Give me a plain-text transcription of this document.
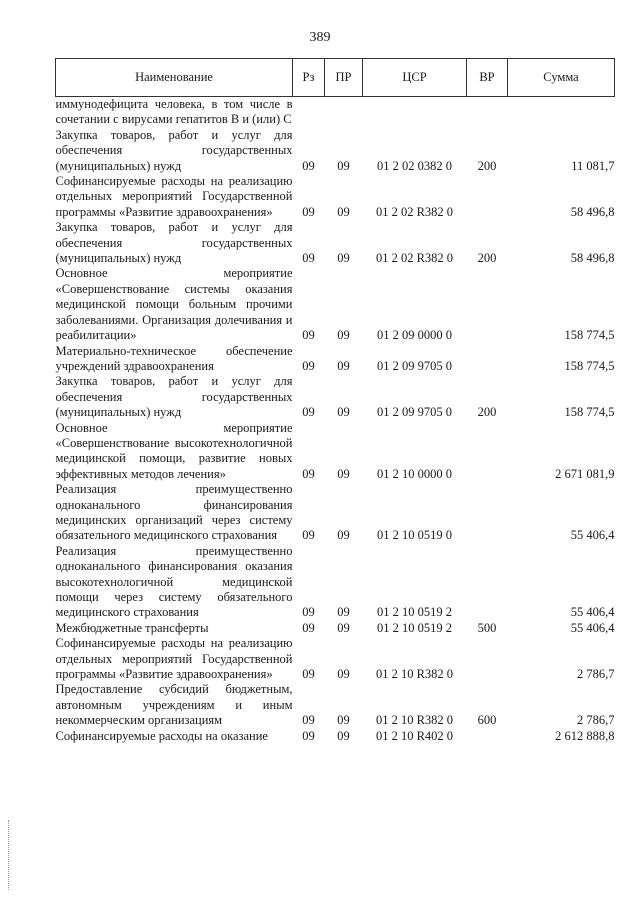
389
Наименование	Рз	ПР	ЦСР	ВР	Сумма
иммунодефицита человека, в том числе в сочетании с вирусами гепатитов В и (или) С					
Закупка товаров, работ и услуг для обеспечения государственных (муниципальных) нужд	09	09	01 2 02 0382 0	200	11 081,7
Софинансируемые расходы на реализацию отдельных мероприятий Государственной программы «Развитие здравоохранения»	09	09	01 2 02 R382 0		58 496,8
Закупка товаров, работ и услуг для обеспечения государственных (муниципальных) нужд	09	09	01 2 02 R382 0	200	58 496,8
Основное мероприятие «Совершенствование системы оказания медицинской помощи больным прочими заболеваниями. Организация долечивания и реабилитации»	09	09	01 2 09 0000 0		158 774,5
Материально-техническое обеспечение учреждений здравоохранения	09	09	01 2 09 9705 0		158 774,5
Закупка товаров, работ и услуг для обеспечения государственных (муниципальных) нужд	09	09	01 2 09 9705 0	200	158 774,5
Основное мероприятие «Совершенствование высокотехнологичной медицинской помощи, развитие новых эффективных методов лечения»	09	09	01 2 10 0000 0		2 671 081,9
Реализация преимущественно одноканального финансирования медицинских организаций через систему обязательного медицинского страхования	09	09	01 2 10 0519 0		55 406,4
Реализация преимущественно одноканального финансирования оказания высокотехнологичной медицинской помощи через систему обязательного медицинского страхования	09	09	01 2 10 0519 2		55 406,4
Межбюджетные трансферты	09	09	01 2 10 0519 2	500	55 406,4
Софинансируемые расходы на реализацию отдельных мероприятий Государственной программы «Развитие здравоохранения»	09	09	01 2 10 R382 0		2 786,7
Предоставление субсидий бюджетным, автономным учреждениям и иным некоммерческим организациям	09	09	01 2 10 R382 0	600	2 786,7
Софинансируемые расходы на оказание	09	09	01 2 10 R402 0		2 612 888,8
